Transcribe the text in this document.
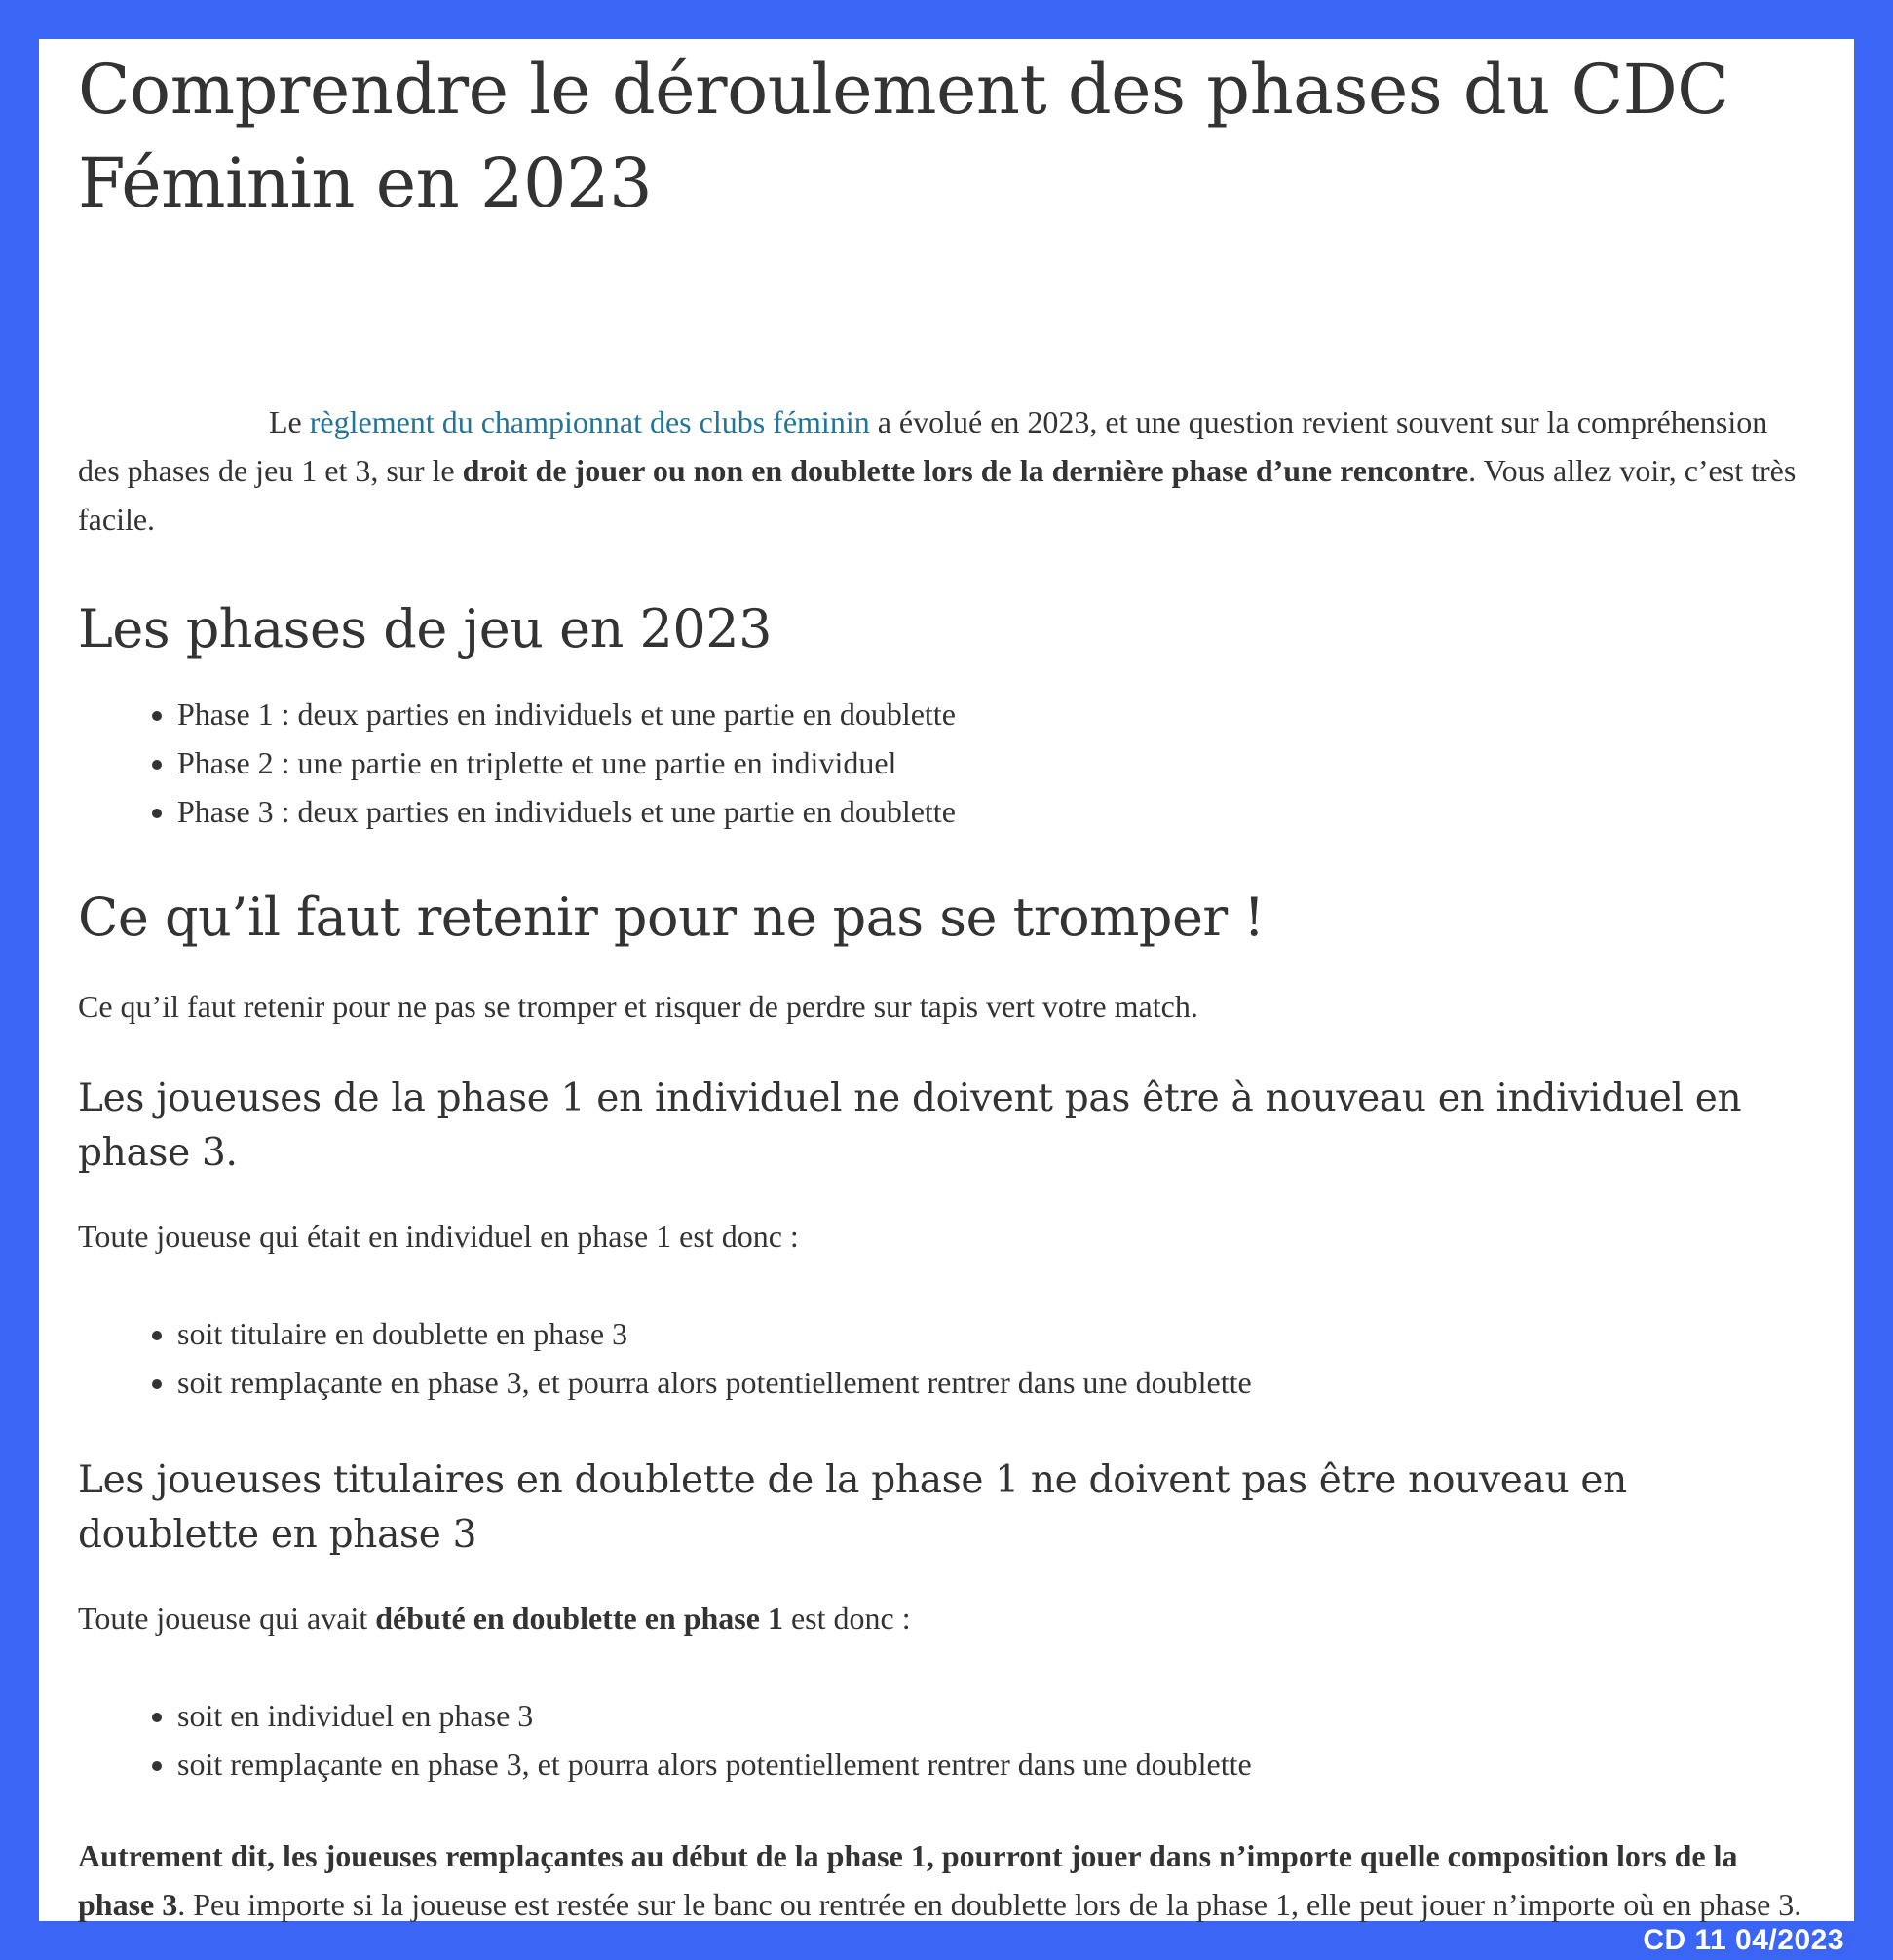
Comprendre le déroulement des phases du CDC Féminin en 2023

Le règlement du championnat des clubs féminin a évolué en 2023, et une question revient souvent sur la compréhension des phases de jeu 1 et 3, sur le droit de jouer ou non en doublette lors de la dernière phase d’une rencontre. Vous allez voir, c’est très facile.

Les phases de jeu en 2023
• Phase 1 : deux parties en individuels et une partie en doublette
• Phase 2 : une partie en triplette et une partie en individuel
• Phase 3 : deux parties en individuels et une partie en doublette
Ce qu’il faut retenir pour ne pas se tromper !

Ce qu’il faut retenir pour ne pas se tromper et risquer de perdre sur tapis vert votre match.

Les joueuses de la phase 1 en individuel ne doivent pas être à nouveau en individuel en phase 3.

Toute joueuse qui était en individuel en phase 1 est donc :

• soit titulaire en doublette en phase 3
• soit remplaçante en phase 3, et pourra alors potentiellement rentrer dans une doublette
Les joueuses titulaires en doublette de la phase 1 ne doivent pas être nouveau en doublette en phase 3

Toute joueuse qui avait débuté en doublette en phase 1 est donc :

• soit en individuel en phase 3
• soit remplaçante en phase 3, et pourra alors potentiellement rentrer dans une doublette

Autrement dit, les joueuses remplaçantes au début de la phase 1, pourront jouer dans n’importe quelle composition lors de la phase 3. Peu importe si la joueuse est restée sur le banc ou rentrée en doublette lors de la phase 1, elle peut jouer n’importe où en phase 3.

CD 11 04/2023
